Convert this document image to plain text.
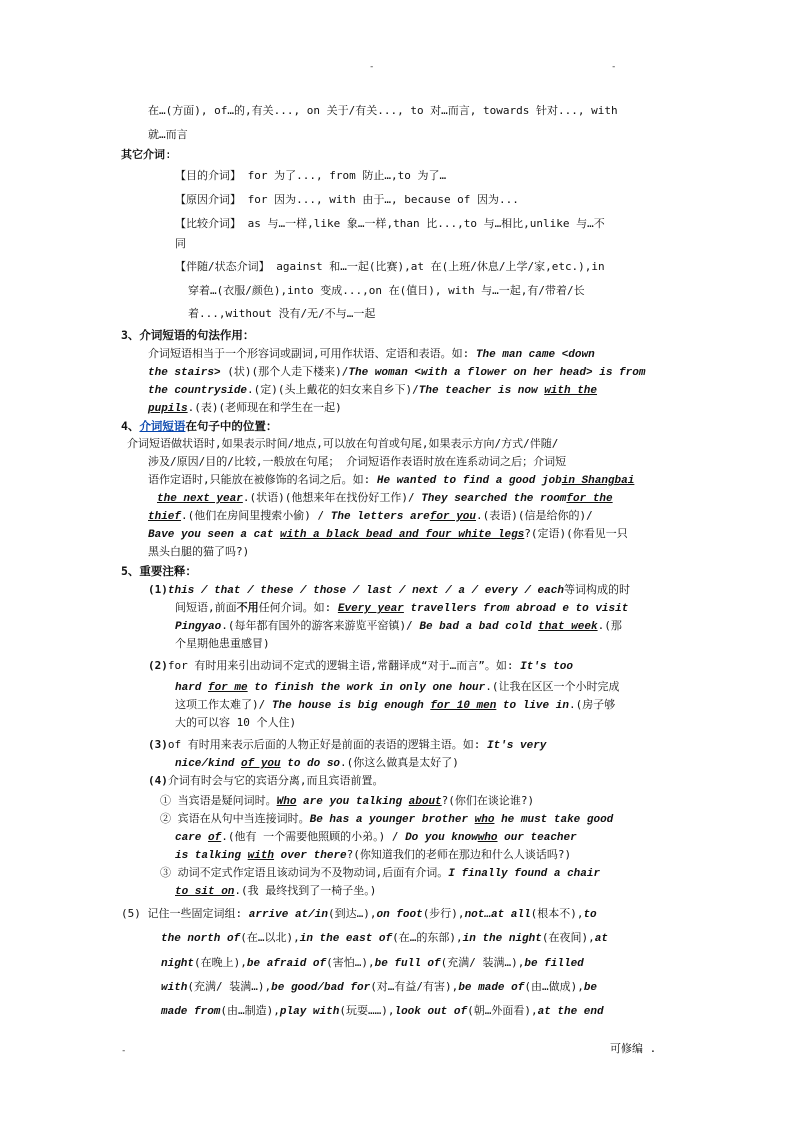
-	-
在…(方面), of…的,有关..., on 关于/有关..., to 对…而言, towards 针对..., with
就…而言
其它介词:
【目的介词】 for 为了..., from 防止…,to 为了…
【原因介词】 for 因为..., with 由于…, because of 因为...
【比较介词】 as 与…一样,like 象…一样,than 比...,to 与…相比,unlike 与…不
同
【伴随/状态介词】 against 和…一起(比赛),at 在(上班/休息/上学/家,etc.),in
穿着…(衣服/颜色),into 变成...,on 在(值日), with 与…一起,有/带着/长
着...,without 没有/无/不与…一起
3、介词短语的句法作用：
介词短语相当于一个形容词或副词,可用作状语、定语和表语。如: The man came <down
the stairs> (状)(那个人走下楼来)/The woman <with a flower on her head> is from
the countryside.(定)(头上戴花的妇女来自乡下)/The teacher is now with the
pupils.(表)(老师现在和学生在一起)
4、介词短语在句子中的位置：
介词短语做状语时,如果表示时间/地点,可以放在句首或句尾,如果表示方向/方式/伴随/
涉及/原因/目的/比较,一般放在句尾； 介词短语作表语时放在连系动词之后；介词短
语作定语时,只能放在被修饰的名词之后。如: He wanted to find a good jobin Shangbai
the next year.(状语)(他想来年在找份好工作)/ They searched the roomfor the
thief.(他们在房间里搜索小偷) / The letters arefor you.(表语)(信是给你的)/
Bave you seen a cat with a black bead and four white legs?(定语)(你看见一只
黑头白腿的猫了吗?)
5、重要注释：
(1)this / that / these / those / last / next / a / every / each等词构成的时
间短语,前面不用任何介词。如: Every year travellers from abroad e to visit
Pingyao.(每年都有国外的游客来游览平窑镇)/ Be bad a bad cold that week.(那
个星期他患重感冒)
(2)for 有时用来引出动词不定式的逻辑主语,常翻译成“对于…而言”。如: It's too
hard for me to finish the work in only one hour.(让我在区区一个小时完成
这项工作太难了)/ The house is big enough for 10 men to live in.(房子够
大的可以容 10 个人住)
(3)of 有时用来表示后面的人物正好是前面的表语的逻辑主语。如: It's very
nice/kind of you to do so.(你这么做真是太好了)
(4)介词有时会与它的宾语分离,而且宾语前置。
① 当宾语是疑问词时。Who are you talking about?(你们在谈论谁?)
② 宾语在从句中当连接词时。Be has a younger brother who he must take good
care of.(他有 一个需要他照顾的小弟。) / Do you knowwho our teacher
is talking with over there?(你知道我们的老师在那边和什么人谈话吗?)
③ 动词不定式作定语且该动词为不及物动词,后面有介词。I finally found a chair
to sit on.(我 最终找到了一椅子坐。)
(5) 记住一些固定词组: arrive at/in(到达…),on foot(步行),not…at all(根本不),to
the north of(在…以北),in the east of(在…的东部),in the night(在夜间),at
night(在晚上),be afraid of(害怕…),be full of(充满/ 装满…),be filled
with(充满/ 装满…),be good/bad for(对…有益/有害),be made of(由…做成),be
made from(由…制造),play with(玩耍……),look out of(朝…外面看),at the end
-	可修编 .
